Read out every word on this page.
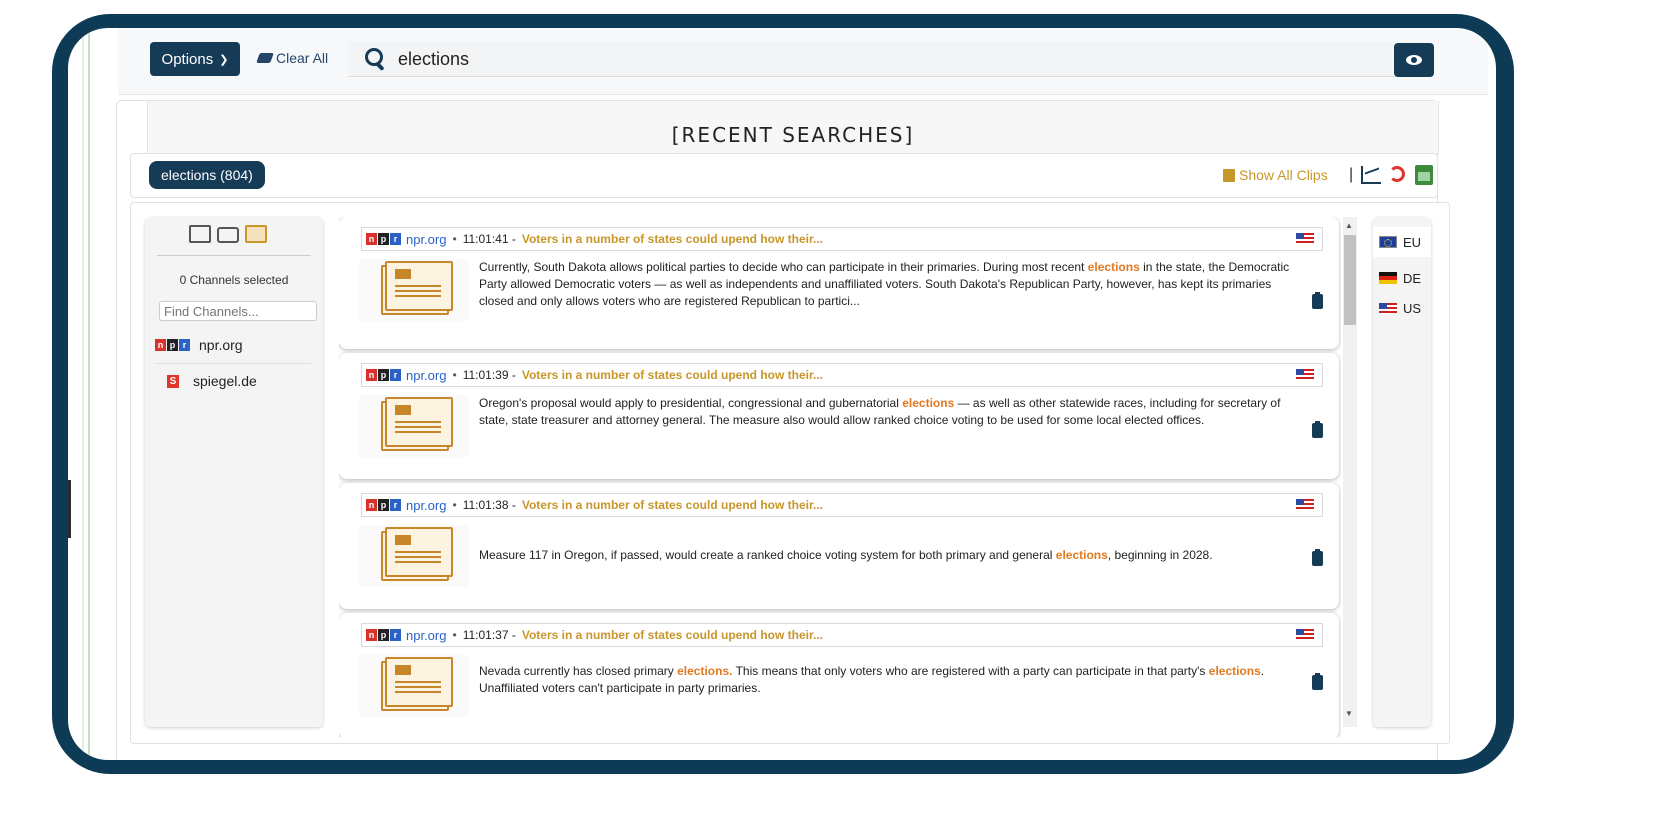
Options ❯	Clear All
elections
[RECENT SEARCHES]
elections (804)	Show All Clips |
0 Channels selected
Find Channels...
n p r npr.org
S spiegel.de
n p r npr.org • 11:01:41 - Voters in a number of states could upend how their...
Currently, South Dakota allows political parties to decide who can participate in their primaries. During most recent elections in the state, the Democratic Party allowed Democratic voters — as well as independents and unaffiliated voters. South Dakota's Republican Party, however, has kept its primaries closed and only allows voters who are registered Republican to partici...
n p r npr.org • 11:01:39 - Voters in a number of states could upend how their...
Oregon's proposal would apply to presidential, congressional and gubernatorial elections — as well as other statewide races, including for secretary of state, state treasurer and attorney general. The measure also would allow ranked choice voting to be used for some local elected offices.
n p r npr.org • 11:01:38 - Voters in a number of states could upend how their...
Measure 117 in Oregon, if passed, would create a ranked choice voting system for both primary and general elections, beginning in 2028.
n p r npr.org • 11:01:37 - Voters in a number of states could upend how their...
Nevada currently has closed primary elections. This means that only voters who are registered with a party can participate in that party's elections. Unaffiliated voters can't participate in party primaries.
▲
▼
EU
DE
US
